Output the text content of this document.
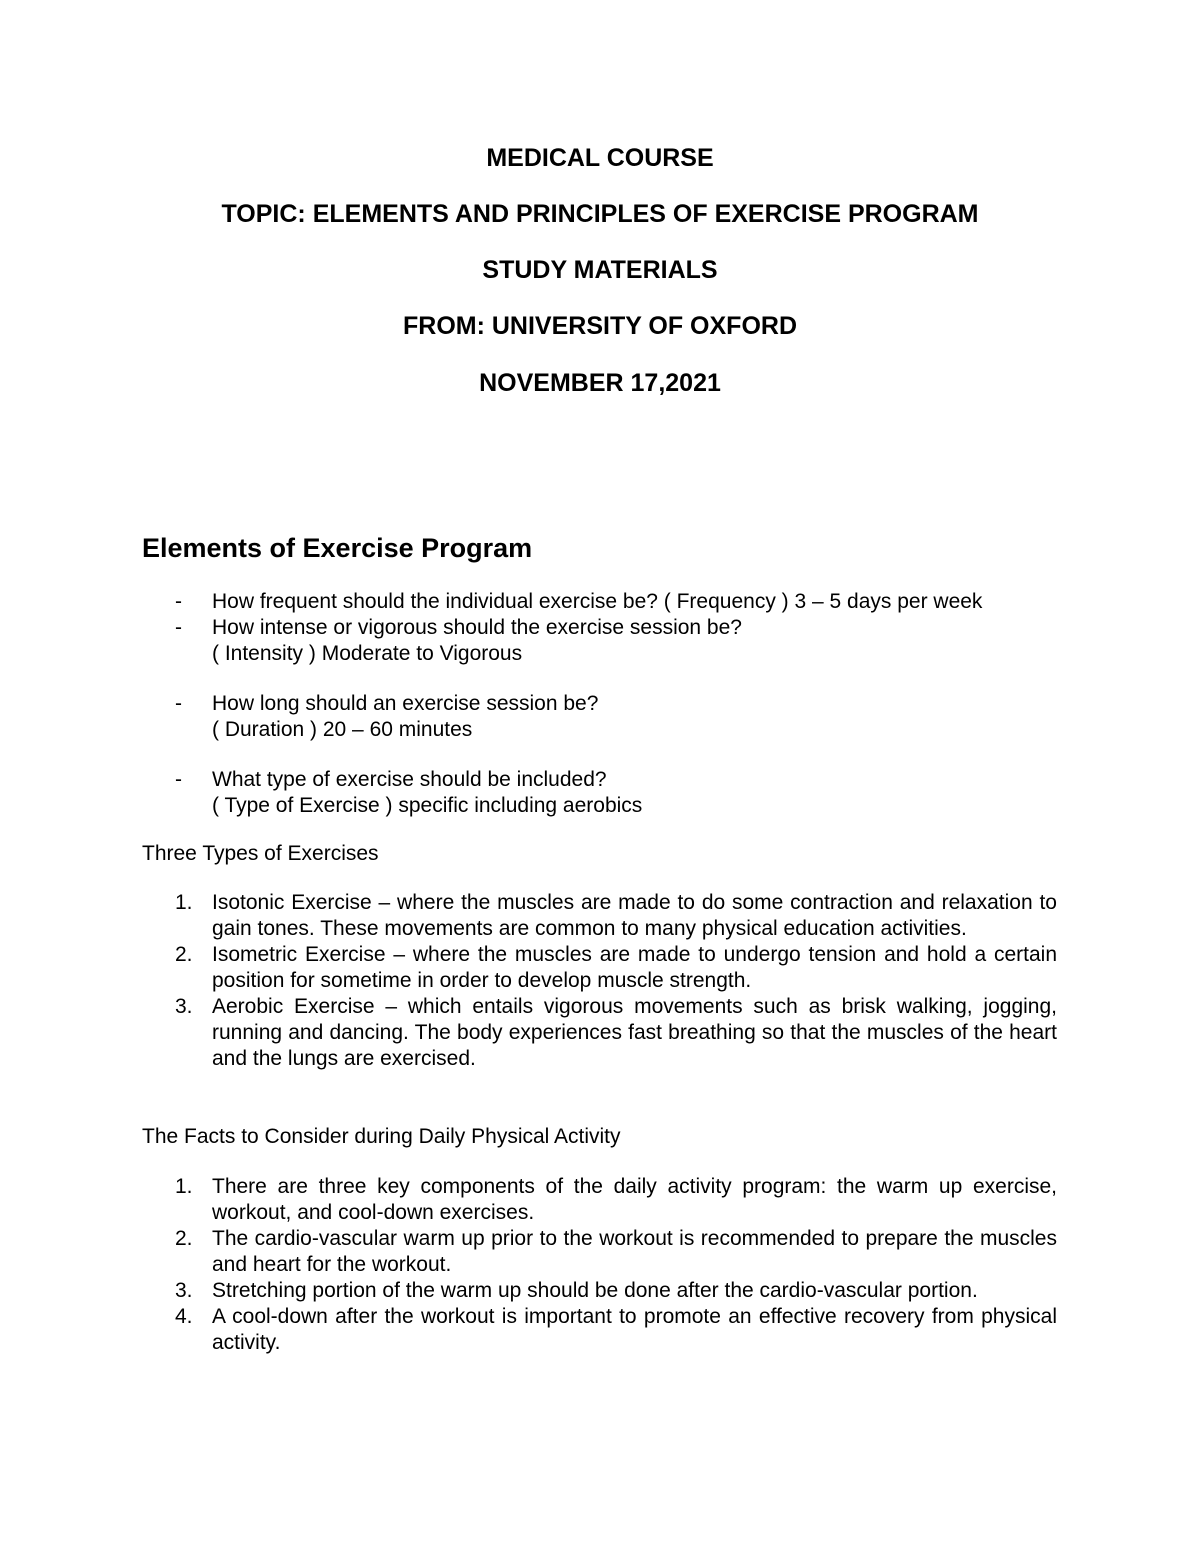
MEDICAL COURSE
TOPIC: ELEMENTS AND PRINCIPLES OF EXERCISE PROGRAM
STUDY MATERIALS
FROM: UNIVERSITY OF OXFORD
NOVEMBER 17,2021
Elements of Exercise Program
- How frequent should the individual exercise be? ( Frequency ) 3 – 5 days per week
- How intense or vigorous should the exercise session be?
( Intensity ) Moderate to Vigorous
- How long should an exercise session be?
( Duration ) 20 – 60 minutes
- What type of exercise should be included?
( Type of Exercise ) specific including aerobics
Three Types of Exercises
1. Isotonic Exercise – where the muscles are made to do some contraction and relaxation to gain tones. These movements are common to many physical education activities.
2. Isometric Exercise – where the muscles are made to undergo tension and hold a certain position for sometime in order to develop muscle strength.
3. Aerobic Exercise – which entails vigorous movements such as brisk walking, jogging, running and dancing. The body experiences fast breathing so that the muscles of the heart and the lungs are exercised.
The Facts to Consider during Daily Physical Activity
1. There are three key components of the daily activity program: the warm up exercise, workout, and cool-down exercises.
2. The cardio-vascular warm up prior to the workout is recommended to prepare the muscles and heart for the workout.
3. Stretching portion of the warm up should be done after the cardio-vascular portion.
4. A cool-down after the workout is important to promote an effective recovery from physical activity.
